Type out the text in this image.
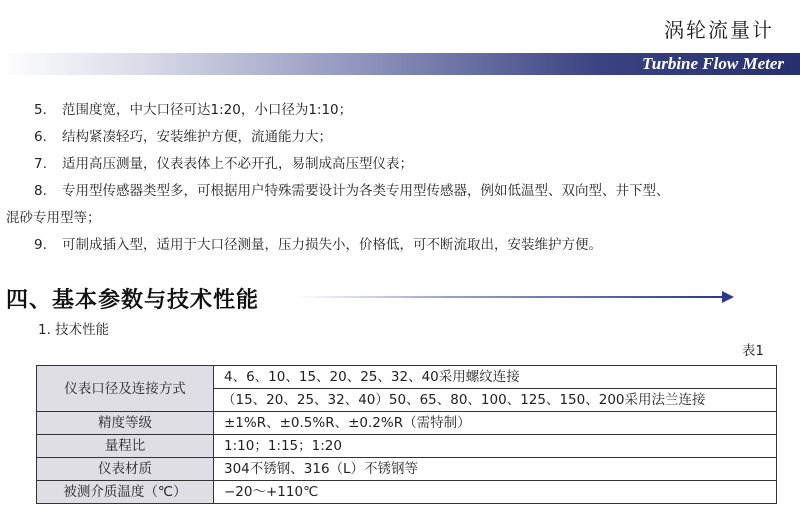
涡轮流量计
Turbine Flow Meter
5. 范围度宽，中大口径可达1:20，小口径为1:10；
6. 结构紧凑轻巧，安装维护方便，流通能力大；
7. 适用高压测量，仪表表体上不必开孔，易制成高压型仪表；
8. 专用型传感器类型多，可根据用户特殊需要设计为各类专用型传感器，例如低温型、双向型、井下型、
混砂专用型等；
9. 可制成插入型，适用于大口径测量，压力损失小，价格低，可不断流取出，安装维护方便。
四、基本参数与技术性能
1. 技术性能
表1
仪表口径及连接方式	4、6、10、15、20、25、32、40采用螺纹连接
	（15、20、25、32、40）50、65、80、100、125、150、200采用法兰连接
精度等级	±1%R、±0.5%R、±0.2%R（需特制）
量程比	1:10；1:15；1:20
仪表材质	304不锈钢、316（L）不锈钢等
被测介质温度（℃）	−20～+110℃
